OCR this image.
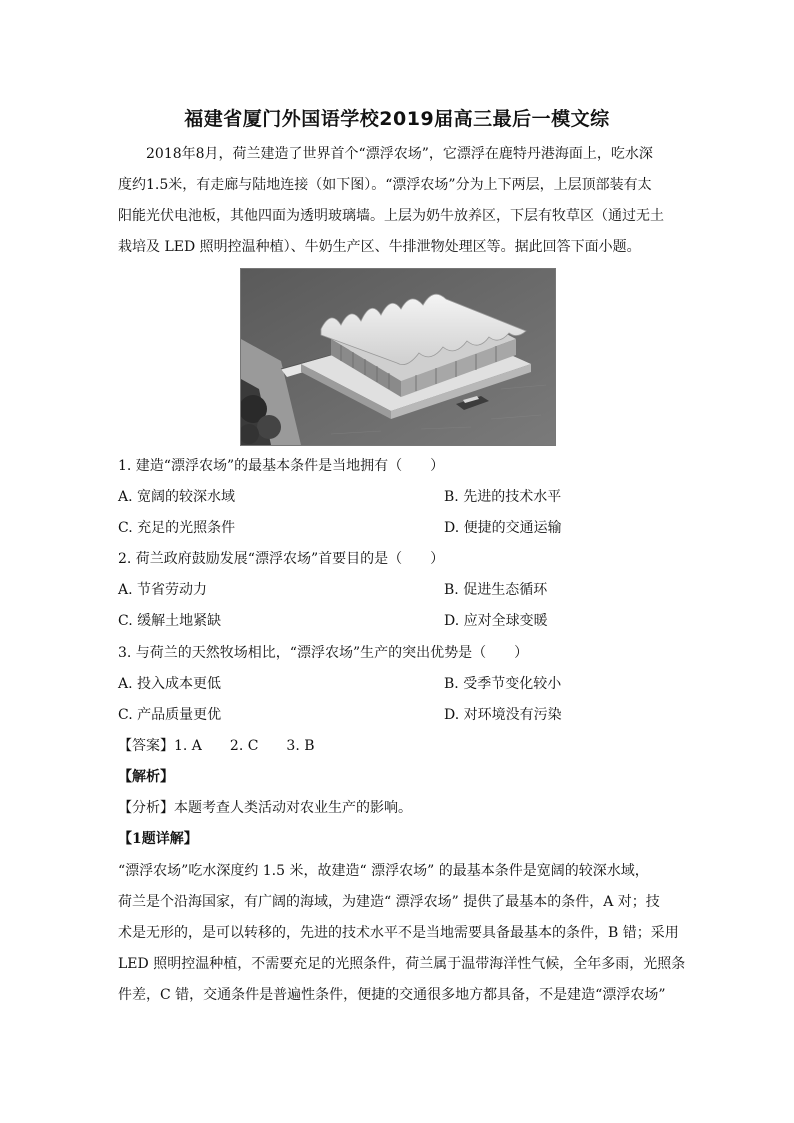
福建省厦门外国语学校2019届高三最后一模文综
　　2018年8月，荷兰建造了世界首个“漂浮农场”，它漂浮在鹿特丹港海面上，吃水深
度约1.5米，有走廊与陆地连接（如下图）。“漂浮农场”分为上下两层，上层顶部装有太
阳能光伏电池板，其他四面为透明玻璃墙。上层为奶牛放养区，下层有牧草区（通过无土
栽培及 LED 照明控温种植）、牛奶生产区、牛排泄物处理区等。据此回答下面小题。
1. 建造“漂浮农场”的最基本条件是当地拥有（　　）
A. 宽阔的较深水域	B. 先进的技术水平
C. 充足的光照条件	D. 便捷的交通运输
2. 荷兰政府鼓励发展“漂浮农场”首要目的是（　　）
A. 节省劳动力	B. 促进生态循环
C. 缓解土地紧缺	D. 应对全球变暖
3. 与荷兰的天然牧场相比，“漂浮农场”生产的突出优势是（　　）
A. 投入成本更低	B. 受季节变化较小
C. 产品质量更优	D. 对环境没有污染
【答案】1. A　　2. C　　3. B
【解析】
【分析】本题考查人类活动对农业生产的影响。
【1题详解】
“漂浮农场”吃水深度约 1.5 米，故建造“ 漂浮农场” 的最基本条件是宽阔的较深水域，
荷兰是个沿海国家，有广阔的海域，为建造“ 漂浮农场” 提供了最基本的条件，A 对；技
术是无形的，是可以转移的，先进的技术水平不是当地需要具备最基本的条件，B 错；采用
LED 照明控温种植，不需要充足的光照条件，荷兰属于温带海洋性气候，全年多雨，光照条
件差，C 错，交通条件是普遍性条件，便捷的交通很多地方都具备，不是建造“漂浮农场”
